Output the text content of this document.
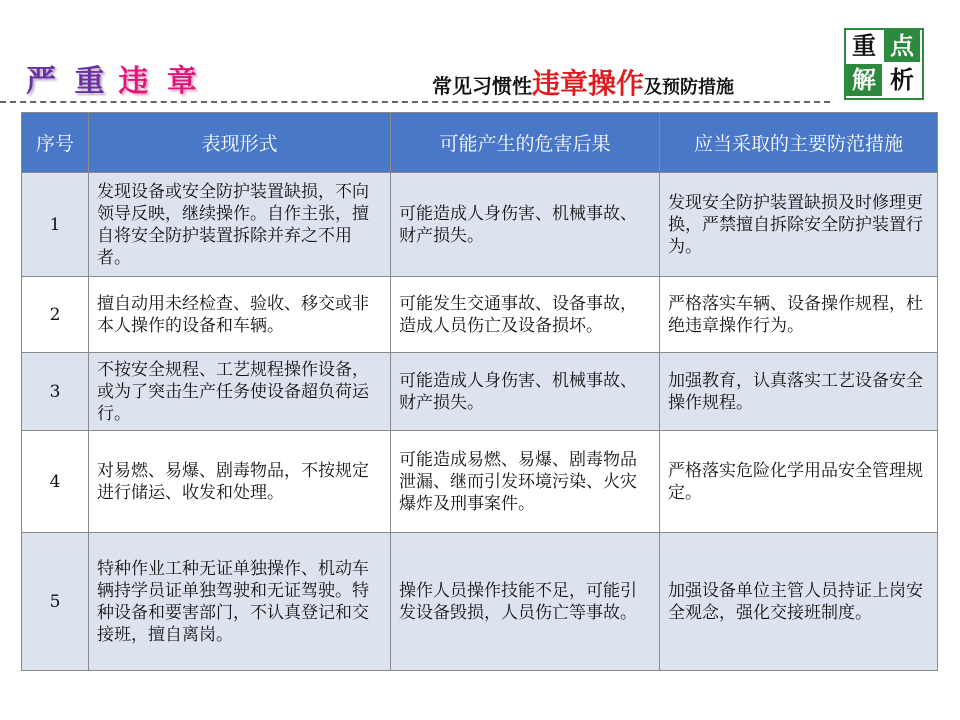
严 重 违 章	常见习惯性违章操作及预防措施
重 点
解 析
序号	表现形式	可能产生的危害后果	应当采取的主要防范措施
1	发现设备或安全防护装置缺损，不向领导反映，继续操作。自作主张，擅自将安全防护装置拆除并弃之不用者。	可能造成人身伤害、机械事故、财产损失。	发现安全防护装置缺损及时修理更换，严禁擅自拆除安全防护装置行为。
2	擅自动用未经检查、验收、移交或非本人操作的设备和车辆。	可能发生交通事故、设备事故，造成人员伤亡及设备损坏。	严格落实车辆、设备操作规程，杜绝违章操作行为。
3	不按安全规程、工艺规程操作设备，或为了突击生产任务使设备超负荷运行。	可能造成人身伤害、机械事故、财产损失。	加强教育，认真落实工艺设备安全操作规程。
4	对易燃、易爆、剧毒物品，不按规定进行储运、收发和处理。	可能造成易燃、易爆、剧毒物品泄漏、继而引发环境污染、火灾爆炸及刑事案件。	严格落实危险化学用品安全管理规定。
5	特种作业工种无证单独操作、机动车辆持学员证单独驾驶和无证驾驶。特种设备和要害部门，不认真登记和交接班，擅自离岗。	操作人员操作技能不足，可能引发设备毁损，人员伤亡等事故。	加强设备单位主管人员持证上岗安全观念，强化交接班制度。
